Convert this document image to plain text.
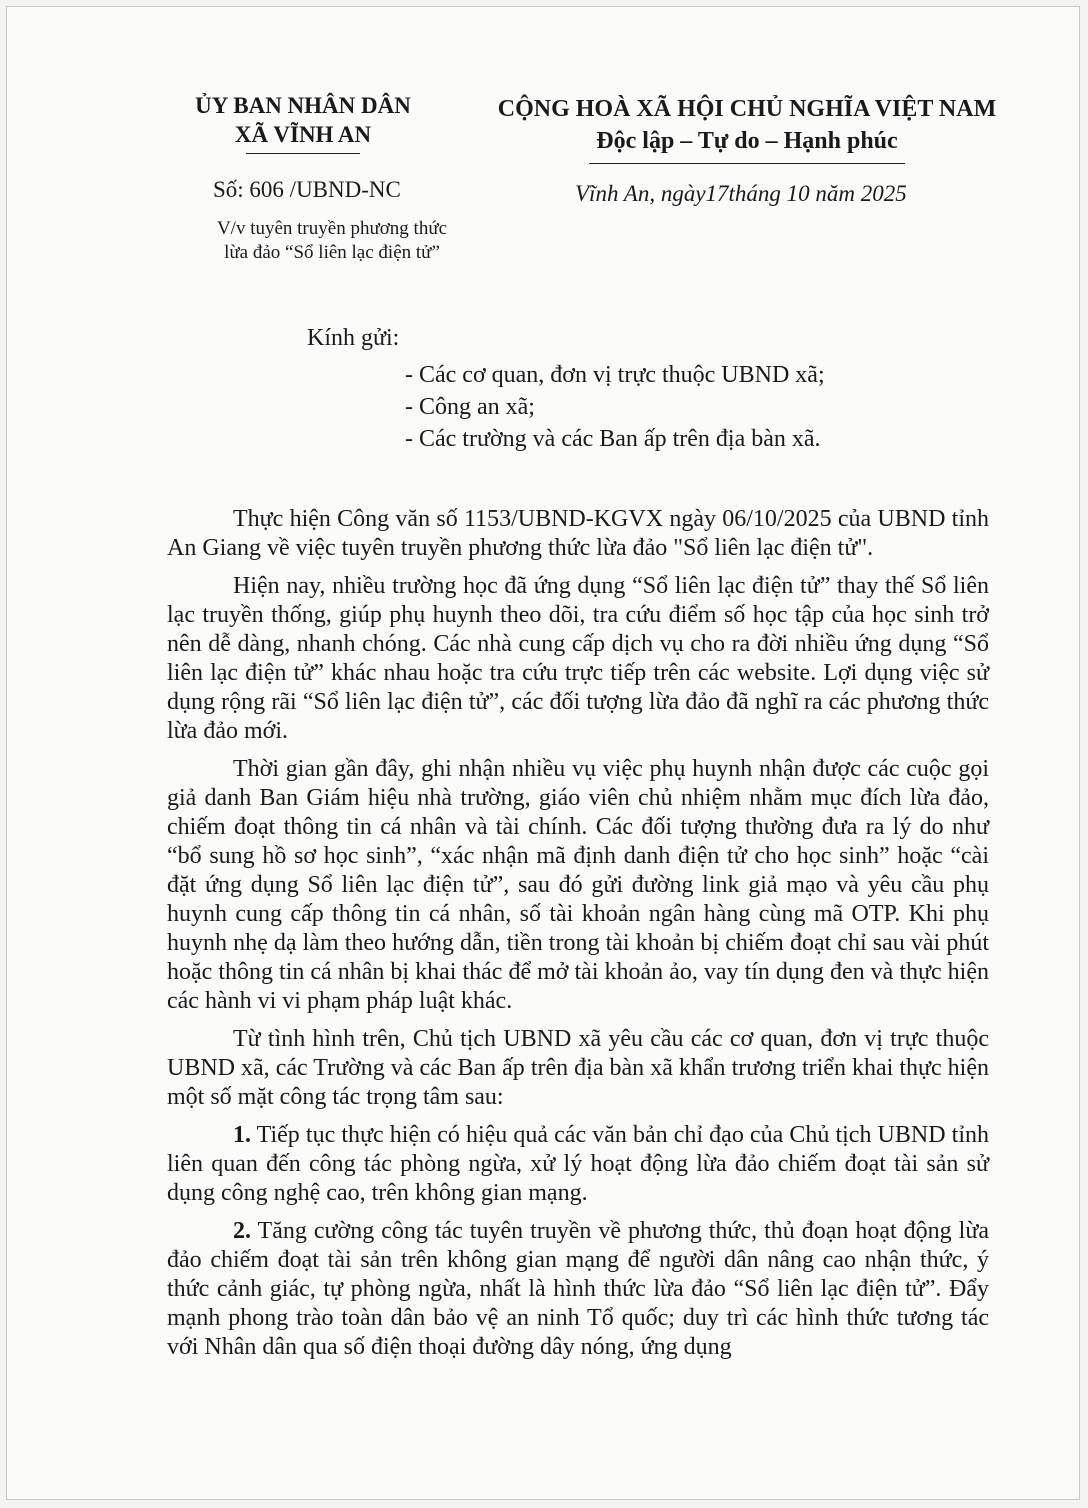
ỦY BAN NHÂN DÂN
XÃ VĨNH AN
CỘNG HOÀ XÃ HỘI CHỦ NGHĨA VIỆT NAM
Độc lập – Tự do – Hạnh phúc
Số: 606 /UBND-NC
V/v tuyên truyền phương thức
lừa đảo “Sổ liên lạc điện tử”
Vĩnh An, ngày17tháng 10 năm 2025
Kính gửi:
- Các cơ quan, đơn vị trực thuộc UBND xã;
- Công an xã;
- Các trường và các Ban ấp trên địa bàn xã.

Thực hiện Công văn số 1153/UBND-KGVX ngày 06/10/2025 của UBND tỉnh An Giang về việc tuyên truyền phương thức lừa đảo "Sổ liên lạc điện tử".

Hiện nay, nhiều trường học đã ứng dụng “Sổ liên lạc điện tử” thay thế Sổ liên lạc truyền thống, giúp phụ huynh theo dõi, tra cứu điểm số học tập của học sinh trở nên dễ dàng, nhanh chóng. Các nhà cung cấp dịch vụ cho ra đời nhiều ứng dụng “Sổ liên lạc điện tử” khác nhau hoặc tra cứu trực tiếp trên các website. Lợi dụng việc sử dụng rộng rãi “Sổ liên lạc điện tử”, các đối tượng lừa đảo đã nghĩ ra các phương thức lừa đảo mới.

Thời gian gần đây, ghi nhận nhiều vụ việc phụ huynh nhận được các cuộc gọi giả danh Ban Giám hiệu nhà trường, giáo viên chủ nhiệm nhằm mục đích lừa đảo, chiếm đoạt thông tin cá nhân và tài chính. Các đối tượng thường đưa ra lý do như “bổ sung hồ sơ học sinh”, “xác nhận mã định danh điện tử cho học sinh” hoặc “cài đặt ứng dụng Sổ liên lạc điện tử”, sau đó gửi đường link giả mạo và yêu cầu phụ huynh cung cấp thông tin cá nhân, số tài khoản ngân hàng cùng mã OTP. Khi phụ huynh nhẹ dạ làm theo hướng dẫn, tiền trong tài khoản bị chiếm đoạt chỉ sau vài phút hoặc thông tin cá nhân bị khai thác để mở tài khoản ảo, vay tín dụng đen và thực hiện các hành vi vi phạm pháp luật khác.

Từ tình hình trên, Chủ tịch UBND xã yêu cầu các cơ quan, đơn vị trực thuộc UBND xã, các Trường và các Ban ấp trên địa bàn xã khẩn trương triển khai thực hiện một số mặt công tác trọng tâm sau:

1. Tiếp tục thực hiện có hiệu quả các văn bản chỉ đạo của Chủ tịch UBND tỉnh liên quan đến công tác phòng ngừa, xử lý hoạt động lừa đảo chiếm đoạt tài sản sử dụng công nghệ cao, trên không gian mạng.

2. Tăng cường công tác tuyên truyền về phương thức, thủ đoạn hoạt động lừa đảo chiếm đoạt tài sản trên không gian mạng để người dân nâng cao nhận thức, ý thức cảnh giác, tự phòng ngừa, nhất là hình thức lừa đảo “Sổ liên lạc điện tử”. Đẩy mạnh phong trào toàn dân bảo vệ an ninh Tổ quốc; duy trì các hình thức tương tác với Nhân dân qua số điện thoại đường dây nóng, ứng dụng
